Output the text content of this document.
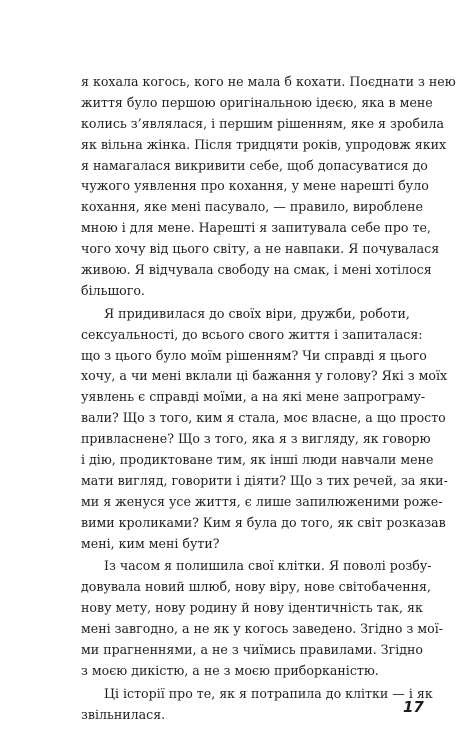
я кохала когось, кого не мала б кохати. Поєднати з нею
життя було першою оригінальною ідеєю, яка в мене
колись з’являлася, і першим рішенням, яке я зробила
як вільна жінка. Після тридцяти років, упродовж яких
я намагалася викривити себе, щоб допасуватися до
чужого уявлення про кохання, у мене нарешті було
кохання, яке мені пасувало, — правило, вироблене
мною і для мене. Нарешті я запитувала себе про те,
чого хочу від цього світу, а не навпаки. Я почувалася
живою. Я відчувала свободу на смак, і мені хотілося
більшого.

Я придивилася до своїх віри, дружби, роботи,
сексуальності, до всього свого життя і запиталася:
що з цього було моїм рішенням? Чи справді я цього
хочу, а чи мені вклали ці бажання у голову? Які з моїх
уявлень є справді моїми, а на які мене запрограму-
вали? Що з того, ким я стала, моє власне, а що просто
привласнене? Що з того, яка я з вигляду, як говорю
і дію, продиктоване тим, як інші люди навчали мене
мати вигляд, говорити і діяти? Що з тих речей, за яки-
ми я женуся усе життя, є лише запилюженими роже-
вими кроликами? Ким я була до того, як світ розказав
мені, ким мені бути?

Із часом я полишила свої клітки. Я поволі розбу-
довувала новий шлюб, нову віру, нове світобачення,
нову мету, нову родину й нову ідентичність так, як
мені завгодно, а не як у когось заведено. Згідно з мої-
ми прагненнями, а не з чиїмись правилами. Згідно
з моєю дикістю, а не з моєю приборканістю.

Ці історії про те, як я потрапила до клітки — і як
звільнилася.	17
